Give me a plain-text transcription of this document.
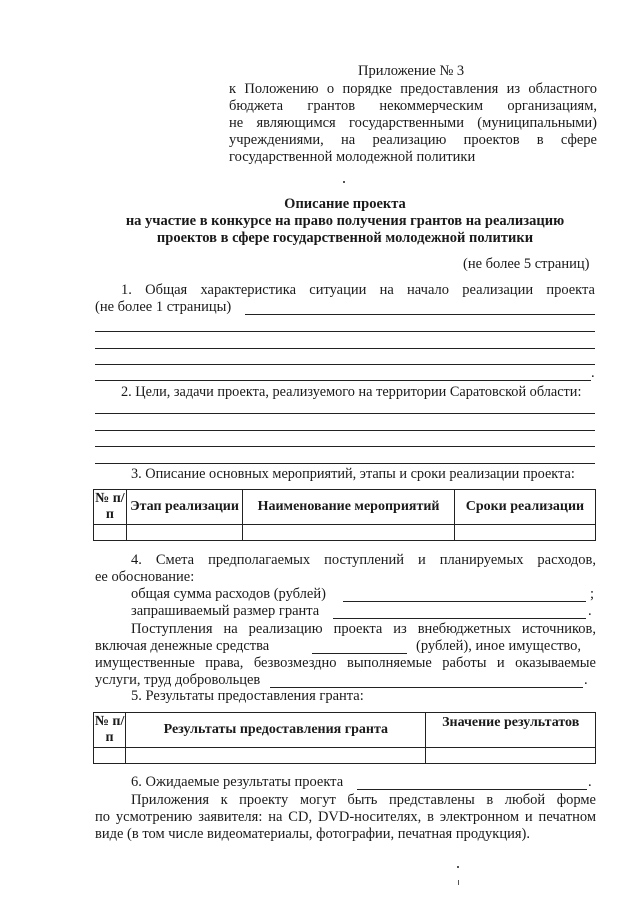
Приложение № 3
к Положению о порядке предоставления из областного
бюджета грантов некоммерческим организациям,
не являющимся государственными (муниципальными)
учреждениями, на реализацию проектов в сфере
государственной молодежной политики
Описание проекта
на участие в конкурсе на право получения грантов на реализацию
проектов в сфере государственной молодежной политики
(не более 5 страниц)
1. Общая характеристика ситуации на начало реализации проекта
(не более 1 страницы)
.
2. Цели, задачи проекта, реализуемого на территории Саратовской области:
3. Описание основных мероприятий, этапы и сроки реализации проекта:
№ п/п	Этап реализации	Наименование мероприятий	Сроки реализации

4. Смета предполагаемых поступлений и планируемых расходов,
ее обоснование:
общая сумма расходов (рублей)	;
запрашиваемый размер гранта	.
Поступления на реализацию проекта из внебюджетных источников,
включая денежные средства	(рублей), иное имущество,
имущественные права, безвозмездно выполняемые работы и оказываемые
услуги, труд добровольцев	.
5. Результаты предоставления гранта:
№ п/п	Результаты предоставления гранта	Значение результатов

6. Ожидаемые результаты проекта	.
Приложения к проекту могут быть представлены в любой форме
по усмотрению заявителя: на CD, DVD-носителях, в электронном и печатном
виде (в том числе видеоматериалы, фотографии, печатная продукция).
